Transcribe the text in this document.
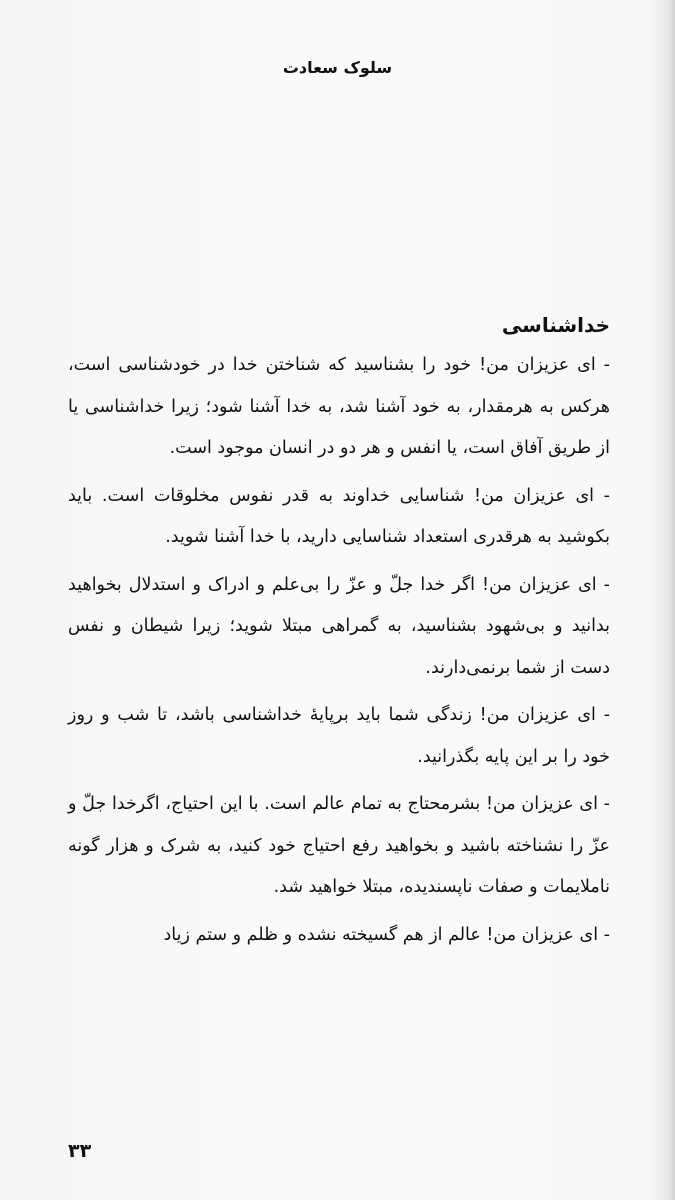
سلوک سعادت
خداشناسی

- ای عزیزان من! خود را بشناسید که شناختن خدا در خودشناسی است، هرکس به هرمقدار، به خود آشنا شد، به خدا آشنا شود؛ زیرا خداشناسی یا از طریق آفاق است، یا انفس و هر دو در انسان موجود است.

- ای عزیزان من! شناسایی خداوند به قدر نفوس مخلوقات است. باید بکوشید به هرقدری استعداد شناسایی دارید، با خدا آشنا شوید.

- ای عزیزان من! اگر خدا جلّ و عزّ را بی‌علم و ادراک و استدلال بخواهید بدانید و بی‌شهود بشناسید، به گمراهی مبتلا شوید؛ زیرا شیطان و نفس دست از شما برنمی‌دارند.

- ای عزیزان من! زندگی شما باید برپایهٔ خداشناسی باشد، تا شب و روز خود را بر این پایه بگذرانید.

- ای عزیزان من! بشرمحتاج به تمام عالم است. با این احتیاج، اگرخدا جلّ و عزّ را نشناخته باشید و بخواهید رفع احتیاج خود کنید، به شرک و هزار گونه ناملایمات و صفات ناپسندیده، مبتلا خواهید شد.

- ای عزیزان من! عالم از هم گسیخته نشده و ظلم و ستم زیاد

۳۳
